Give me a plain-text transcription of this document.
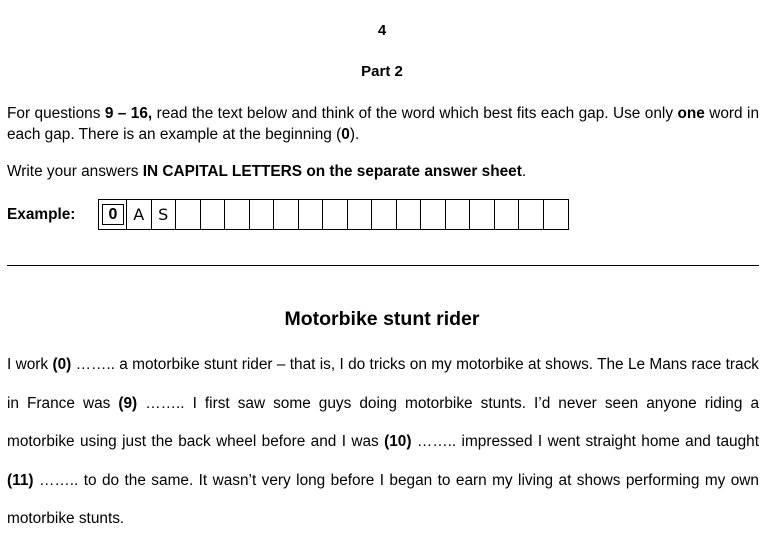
4
Part 2

For questions 9 – 16, read the text below and think of the word which best fits each gap. Use only one word in each gap. There is an example at the beginning (0).

Write your answers IN CAPITAL LETTERS on the separate answer sheet.

Example:	0 A S
Motorbike stunt rider

I work (0) …….. a motorbike stunt rider – that is, I do tricks on my motorbike at shows. The Le Mans race track in France was (9) …….. I first saw some guys doing motorbike stunts. I’d never seen anyone riding a motorbike using just the back wheel before and I was (10) …….. impressed I went straight home and taught (11) …….. to do the same. It wasn’t very long before I began to earn my living at shows performing my own motorbike stunts.
